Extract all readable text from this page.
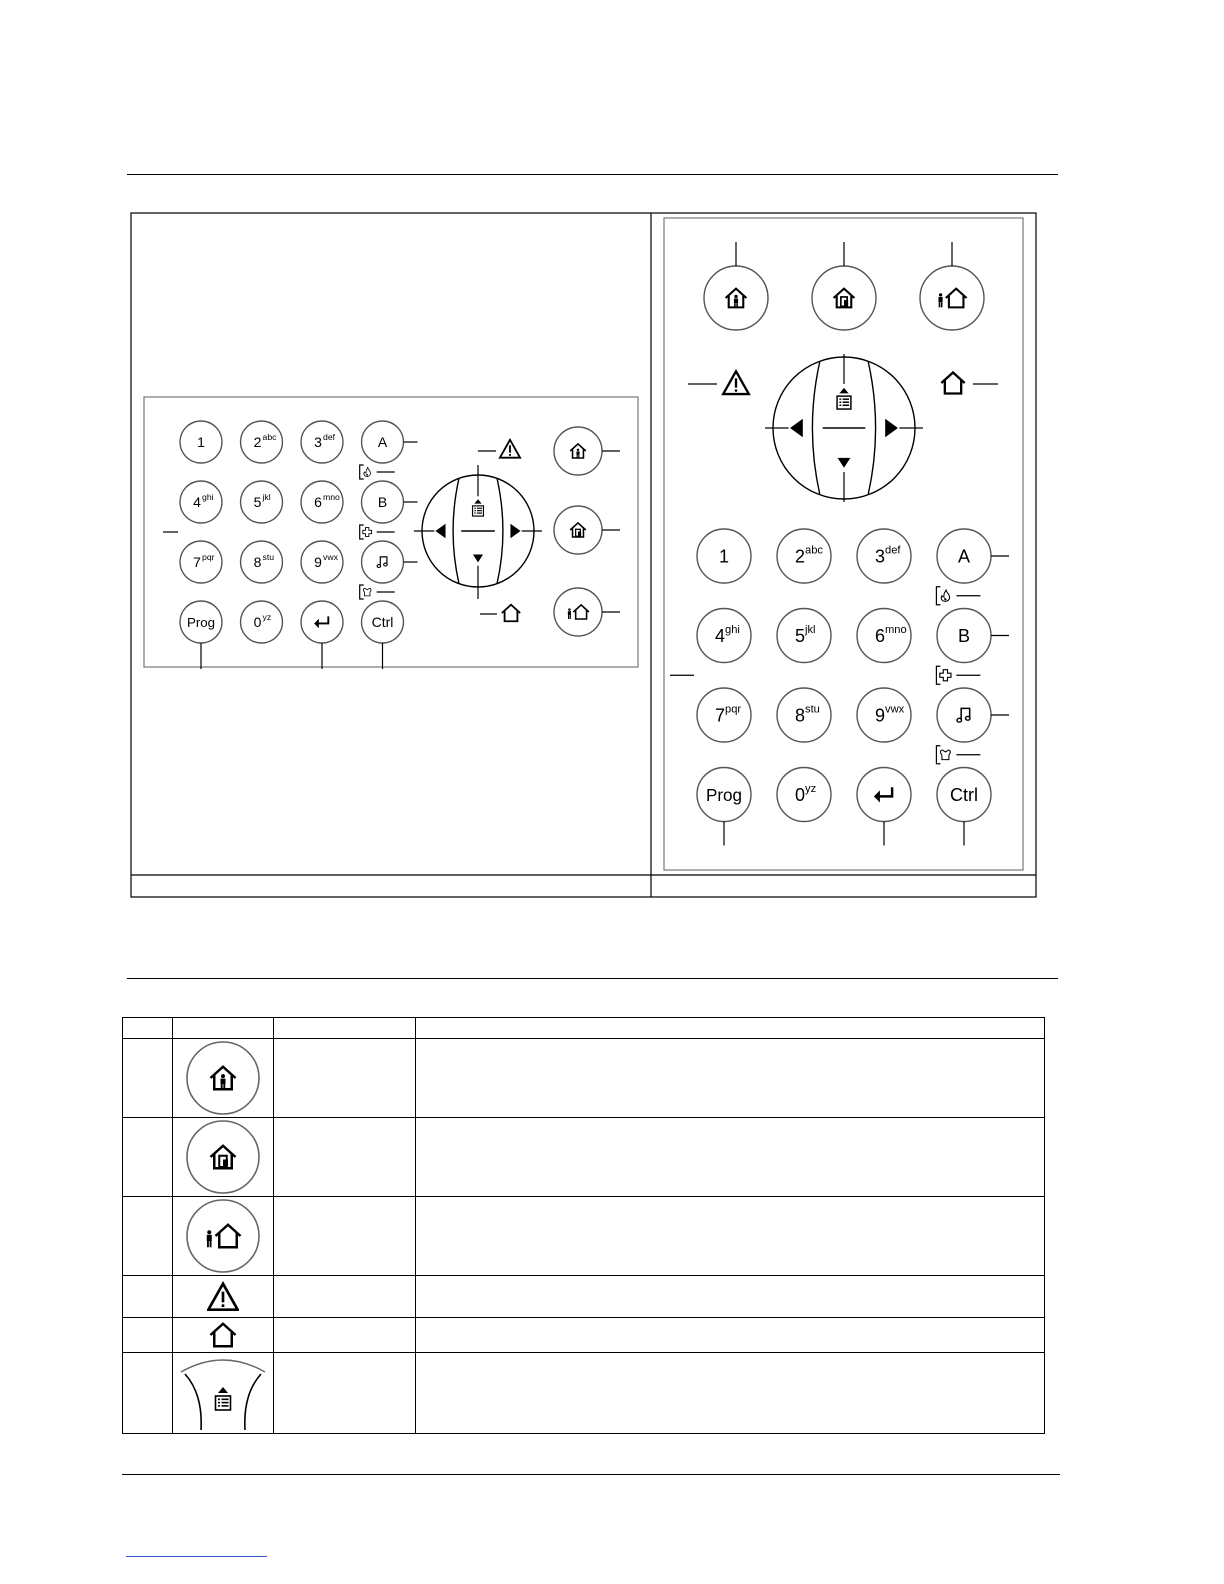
1	2 abc	3 def	A
4 ghi	5 jkl	6 mno	B
7 pqr	8 stu	9 vwx
Prog	0 yz	Ctrl
1	2 abc	3 def	A
4 ghi	5 jkl	6 mno	B
7 pqr	8 stu	9 vwx
Prog	0 yz	Ctrl
